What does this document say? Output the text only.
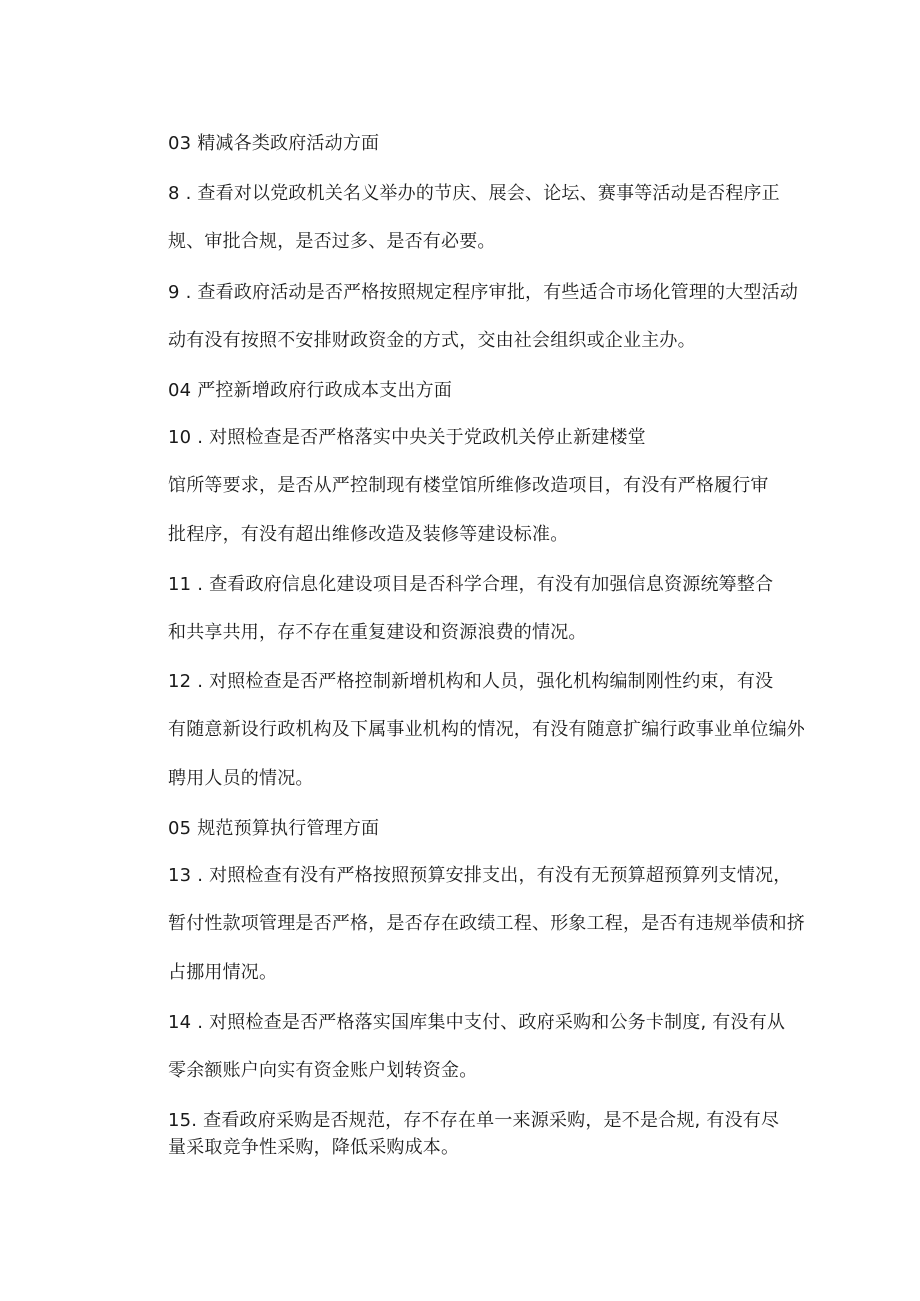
03 精减各类政府活动方面
8 . 查看对以党政机关名义举办的节庆、展会、论坛、赛事等活动是否程序正
规、审批合规，是否过多、是否有必要。
9 . 查看政府活动是否严格按照规定程序审批，有些适合市场化管理的大型活动
动有没有按照不安排财政资金的方式，交由社会组织或企业主办。
04 严控新增政府行政成本支出方面
10 . 对照检查是否严格落实中央关于党政机关停止新建楼堂
馆所等要求，是否从严控制现有楼堂馆所维修改造项目，有没有严格履行审
批程序，有没有超出维修改造及装修等建设标准。
11 . 查看政府信息化建设项目是否科学合理，有没有加强信息资源统筹整合
和共享共用，存不存在重复建设和资源浪费的情况。
12 . 对照检查是否严格控制新增机构和人员，强化机构编制刚性约束，有没
有随意新设行政机构及下属事业机构的情况，有没有随意扩编行政事业单位编外
聘用人员的情况。
05 规范预算执行管理方面
13 . 对照检查有没有严格按照预算安排支出，有没有无预算超预算列支情况，
暂付性款项管理是否严格，是否存在政绩工程、形象工程，是否有违规举债和挤
占挪用情况。
14 . 对照检查是否严格落实国库集中支付、政府采购和公务卡制度, 有没有从
零余额账户向实有资金账户划转资金。
15. 查看政府采购是否规范，存不存在单一来源采购，是不是合规, 有没有尽
量采取竞争性采购，降低采购成本。
